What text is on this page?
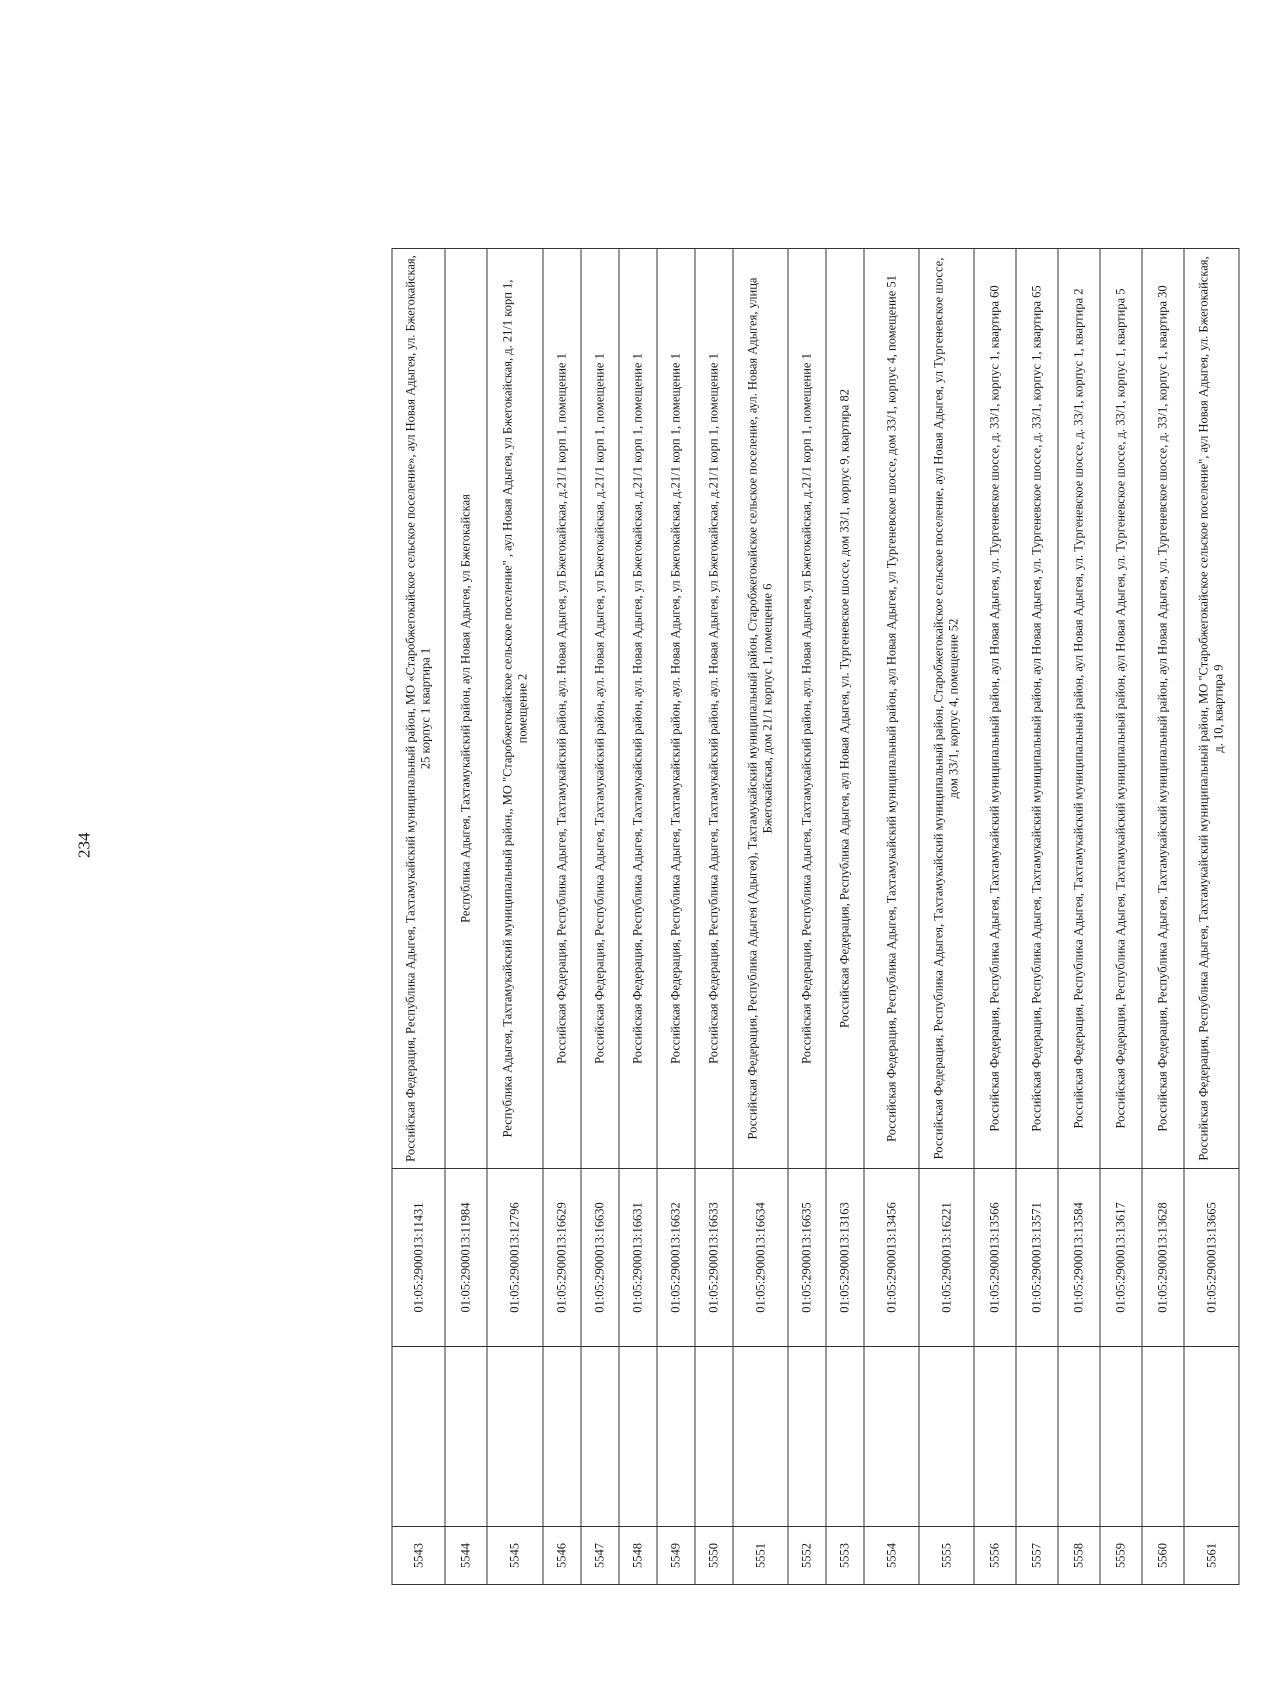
234
5543		01:05:2900013:11431	Российская Федерация, Республика Адыгея, Тахтамукайский муниципальный район, МО «Старобжегокайское сельское поселение», аул Новая Адыгея, ул. Бжегокайская, 25 корпус 1 квартира 1
5544		01:05:2900013:11984	Республика Адыгея, Тахтамукайский район, аул Новая Адыгея, ул Бжегокайская
5545		01:05:2900013:12796	Республика Адыгея, Тахтамукайский муниципальный район,, МО "Старобжегокайское сельское поселение" , аул Новая Адыгея, ул Бжегокайская, д. 21/1 корп 1, помещение 2
5546		01:05:2900013:16629	Российская Федерация, Республика Адыгея, Тахтамукайский район, аул. Новая Адыгея, ул Бжегокайская, д.21/1 корп 1, помещение 1
5547		01:05:2900013:16630	Российская Федерация, Республика Адыгея, Тахтамукайский район, аул. Новая Адыгея, ул Бжегокайская, д.21/1 корп 1, помещение 1
5548		01:05:2900013:16631	Российская Федерация, Республика Адыгея, Тахтамукайский район, аул. Новая Адыгея, ул Бжегокайская, д.21/1 корп 1, помещение 1
5549		01:05:2900013:16632	Российская Федерация, Республика Адыгея, Тахтамукайский район, аул. Новая Адыгея, ул Бжегокайская, д.21/1 корп 1, помещение 1
5550		01:05:2900013:16633	Российская Федерация, Республика Адыгея, Тахтамукайский район, аул. Новая Адыгея, ул Бжегокайская, д.21/1 корп 1, помещение 1
5551		01:05:2900013:16634	Российская Федерация, Республика Адыгея (Адыгея), Тахтамукайский муниципальный район, Старобжегокайское сельское поселение, аул. Новая Адыгея, улица Бжегокайская, дом 21/1 корпус 1, помещение 6
5552		01:05:2900013:16635	Российская Федерация, Республика Адыгея, Тахтамукайский район, аул. Новая Адыгея, ул Бжегокайская, д.21/1 корп 1, помещение 1
5553		01:05:2900013:13163	Российская Федерация, Республика Адыгея, аул Новая Адыгея, ул. Тургеневское шоссе, дом 33/1, корпус 9, квартира 82
5554		01:05:2900013:13456	Российская Федерация, Республика Адыгея, Тахтамукайский муниципальный район, аул Новая Адыгея, ул Тургеневское шоссе, дом 33/1, корпус 4, помещение 51
5555		01:05:2900013:16221	Российская Федерация, Республика Адыгея, Тахтамукайский муниципальный район, Старобжегокайское сельское поселение, аул Новая Адыгея, ул Тургеневское шоссе, дом 33/1, корпус 4, помещение 52
5556		01:05:2900013:13566	Российская Федерация, Республика Адыгея, Тахтамукайский муниципальный район, аул Новая Адыгея, ул. Тургеневское шоссе, д. 33/1, корпус 1, квартира 60
5557		01:05:2900013:13571	Российская Федерация, Республика Адыгея, Тахтамукайский муниципальный район, аул Новая Адыгея, ул. Тургеневское шоссе, д. 33/1, корпус 1, квартира 65
5558		01:05:2900013:13584	Российская Федерация, Республика Адыгея, Тахтамукайский муниципальный район, аул Новая Адыгея, ул. Тургеневское шоссе, д. 33/1, корпус 1, квартира 2
5559		01:05:2900013:13617	Российская Федерация, Республика Адыгея, Тахтамукайский муниципальный район, аул Новая Адыгея, ул. Тургеневское шоссе, д. 33/1, корпус 1, квартира 5
5560		01:05:2900013:13628	Российская Федерация, Республика Адыгея, Тахтамукайский муниципальный район, аул Новая Адыгея, ул. Тургеневское шоссе, д. 33/1, корпус 1, квартира 30
5561		01:05:2900013:13665	Российская Федерация, Республика Адыгея, Тахтамукайский муниципальный район, МО "Старобжегокайское сельское поселение", аул Новая Адыгея, ул. Бжегокайская, д. 10, квартира 9
